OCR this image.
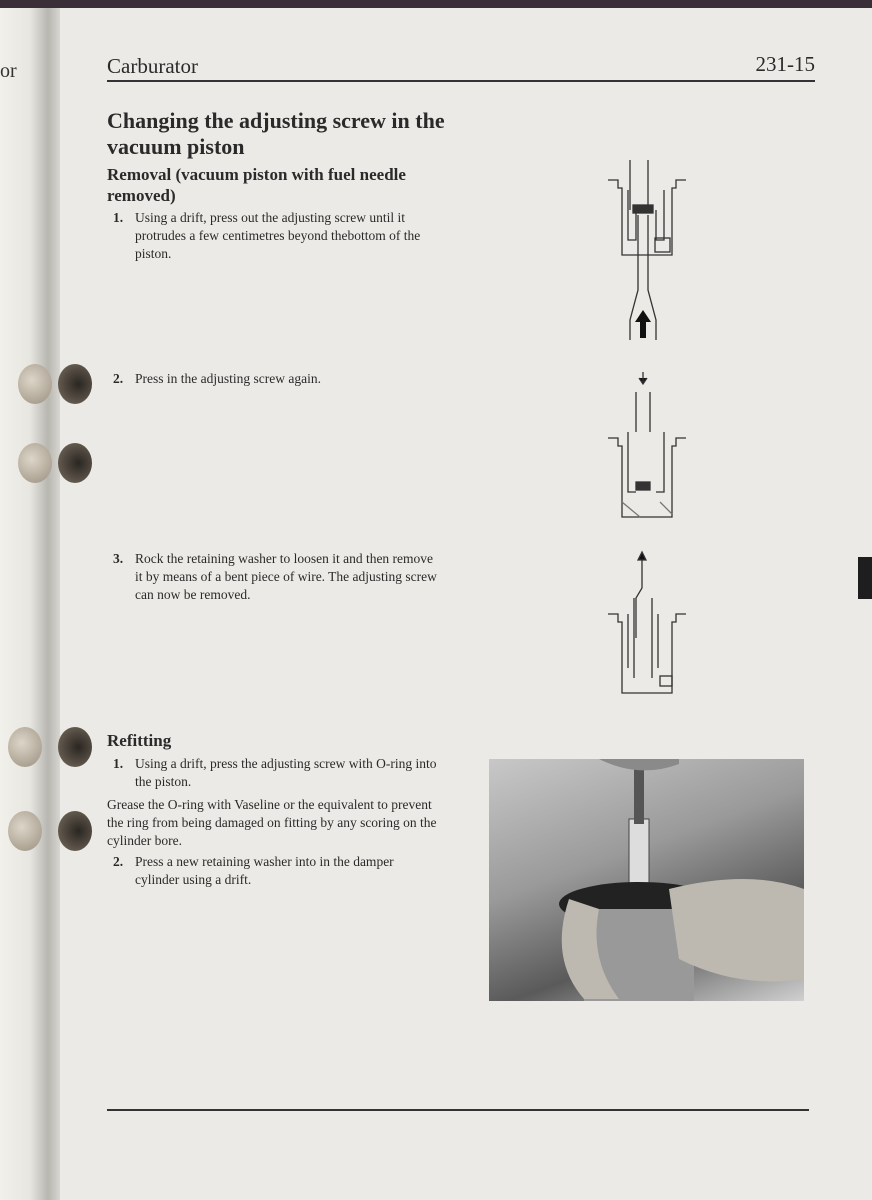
or	Carburator	231-15
Changing the adjusting screw in the vacuum piston
Removal (vacuum piston with fuel needle removed)
1. Using a drift, press out the adjusting screw until it protrudes a few centimetres beyond thebottom of the piston.
2. Press in the adjusting screw again.
3. Rock the retaining washer to loosen it and then remove it by means of a bent piece of wire. The adjusting screw can now be removed.
Refitting
1. Using a drift, press the adjusting screw with O-ring into the piston.
Grease the O-ring with Vaseline or the equivalent to prevent the ring from being damaged on fitting by any scoring on the cylinder bore.
2. Press a new retaining washer into in the damper cylinder using a drift.
